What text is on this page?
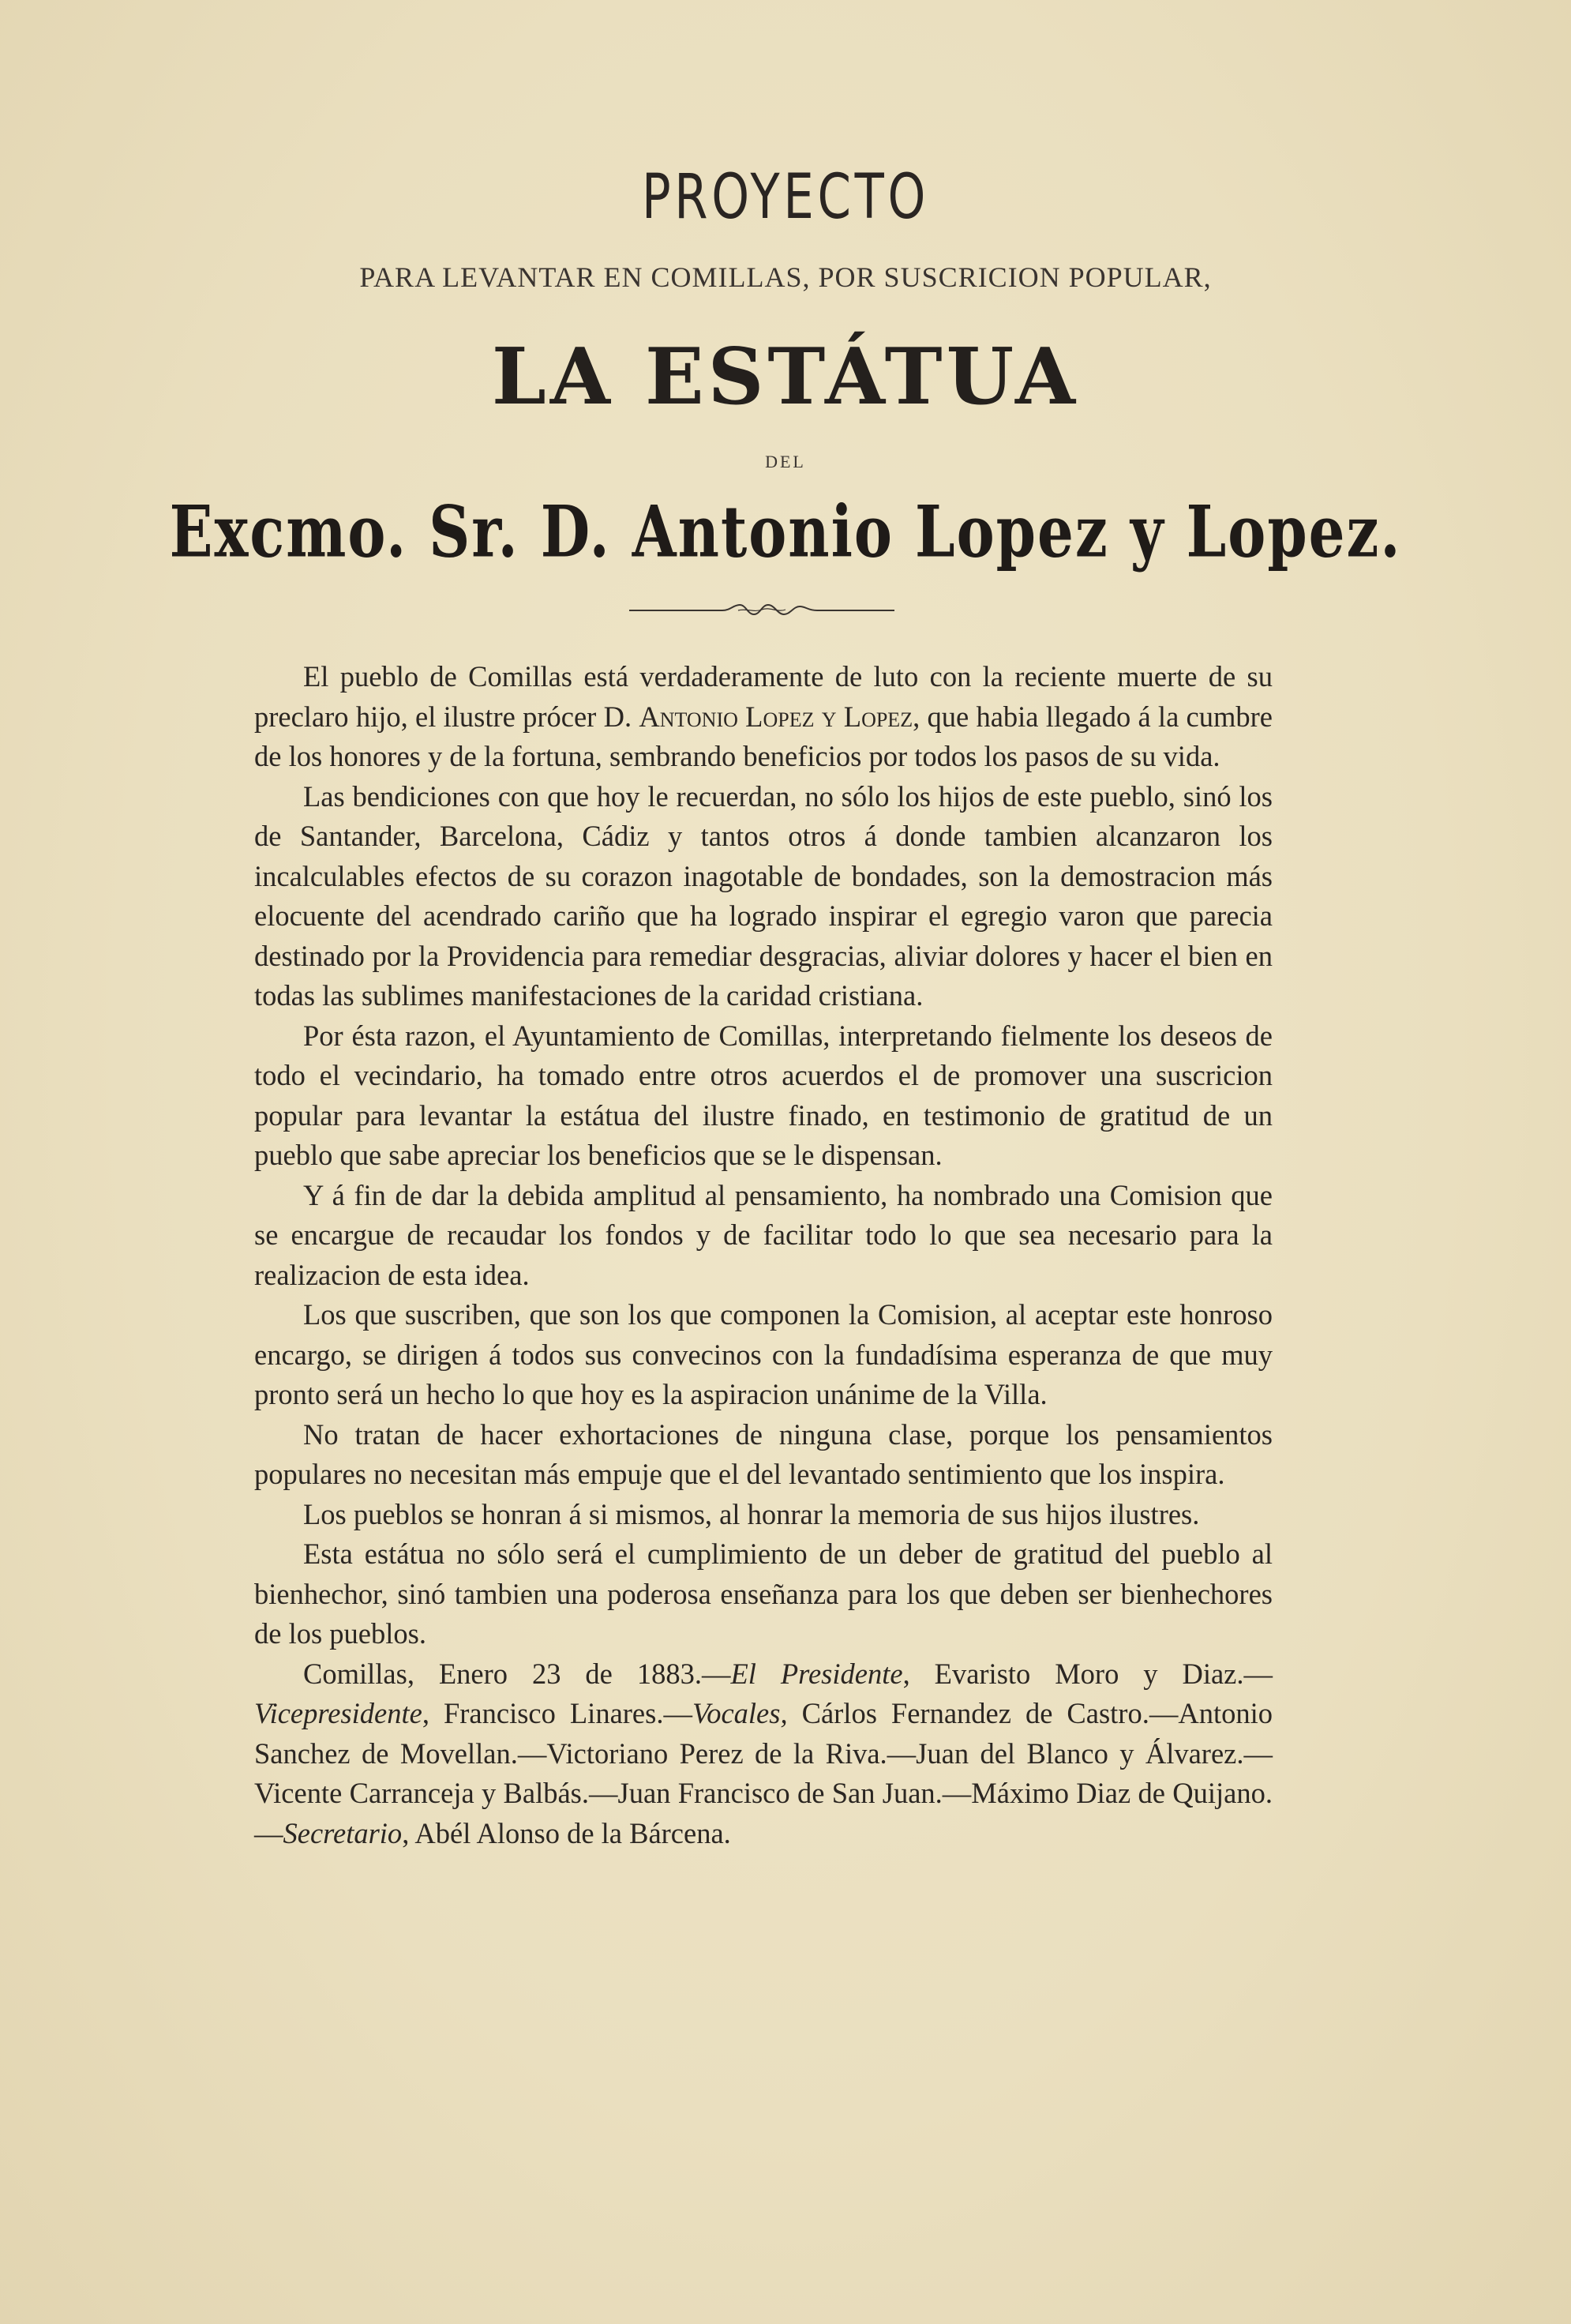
PROYECTO
PARA LEVANTAR EN COMILLAS, POR SUSCRICION POPULAR,
LA ESTÁTUA
DEL
Excmo. Sr. D. Antonio Lopez y Lopez.

El pueblo de Comillas está verdaderamente de luto con la reciente muerte de su preclaro hijo, el ilustre prócer D. Antonio Lopez y Lopez, que habia llegado á la cumbre de los honores y de la fortuna, sembrando beneficios por todos los pasos de su vida.

Las bendiciones con que hoy le recuerdan, no sólo los hijos de este pueblo, sinó los de Santander, Barcelona, Cádiz y tantos otros á donde tambien alcanzaron los incalculables efectos de su corazon inagotable de bondades, son la demostracion más elocuente del acendrado cariño que ha logrado inspirar el egregio varon que parecia destinado por la Providencia para remediar desgracias, aliviar dolores y hacer el bien en todas las sublimes manifestaciones de la caridad cristiana.

Por ésta razon, el Ayuntamiento de Comillas, interpretando fielmente los deseos de todo el vecindario, ha tomado entre otros acuerdos el de promover una suscricion popular para levantar la estátua del ilustre finado, en testimonio de gratitud de un pueblo que sabe apreciar los beneficios que se le dispensan.

Y á fin de dar la debida amplitud al pensamiento, ha nombrado una Comision que se encargue de recaudar los fondos y de facilitar todo lo que sea necesario para la realizacion de esta idea.

Los que suscriben, que son los que componen la Comision, al aceptar este honroso encargo, se dirigen á todos sus convecinos con la fundadísima esperanza de que muy pronto será un hecho lo que hoy es la aspiracion unánime de la Villa.

No tratan de hacer exhortaciones de ninguna clase, porque los pensamientos populares no necesitan más empuje que el del levantado sentimiento que los inspira.

Los pueblos se honran á si mismos, al honrar la memoria de sus hijos ilustres.

Esta estátua no sólo será el cumplimiento de un deber de gratitud del pueblo al bienhechor, sinó tambien una poderosa enseñanza para los que deben ser bienhechores de los pueblos.

Comillas, Enero 23 de 1883.—El Presidente, Evaristo Moro y Diaz.—Vicepresidente, Francisco Linares.—Vocales, Cárlos Fernandez de Castro.—Antonio Sanchez de Movellan.—Victoriano Perez de la Riva.—Juan del Blanco y Álvarez.—Vicente Carranceja y Balbás.—Juan Francisco de San Juan.—Máximo Diaz de Quijano.—Secretario, Abél Alonso de la Bárcena.
